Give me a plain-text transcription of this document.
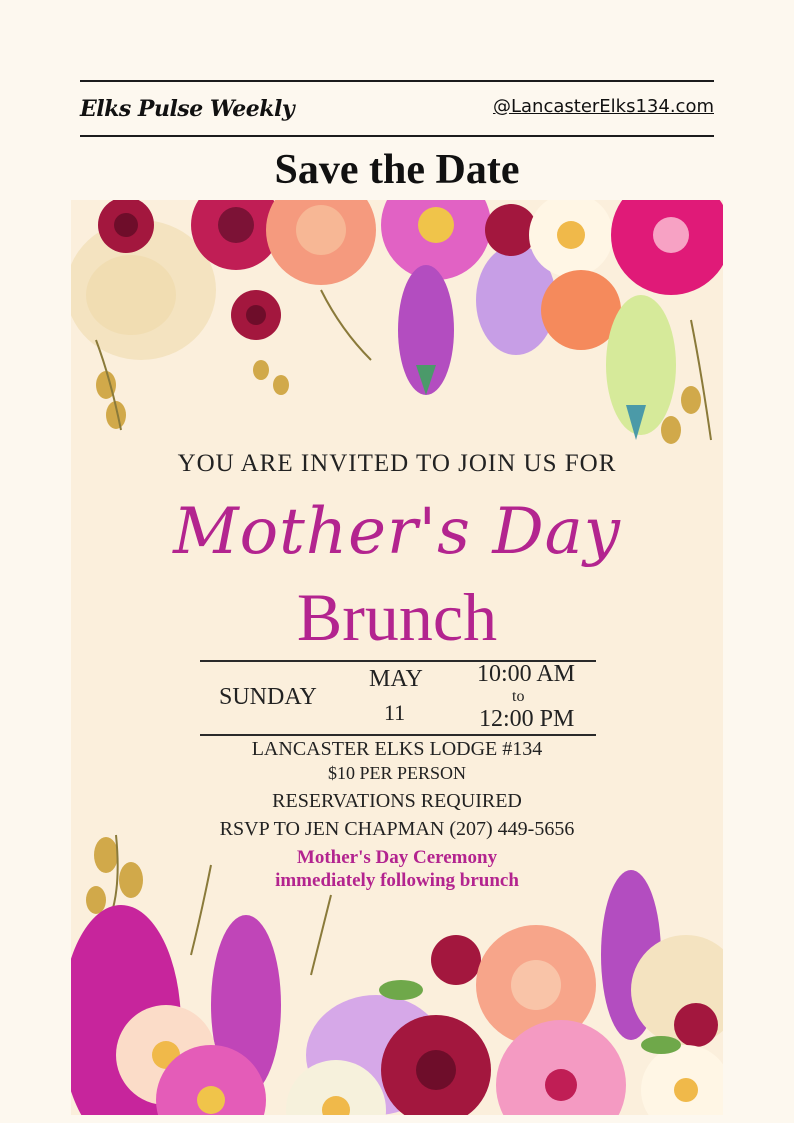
Elks Pulse Weekly	@LancasterElks134.com
Save the Date
YOU ARE INVITED TO JOIN US FOR
Mother's Day
Brunch
SUNDAY
MAY
11
10:00 AM
to
12:00 PM
LANCASTER ELKS LODGE #134
$10 PER PERSON
RESERVATIONS REQUIRED
RSVP TO JEN CHAPMAN (207) 449-5656
Mother's Day Ceremony
immediately following brunch
